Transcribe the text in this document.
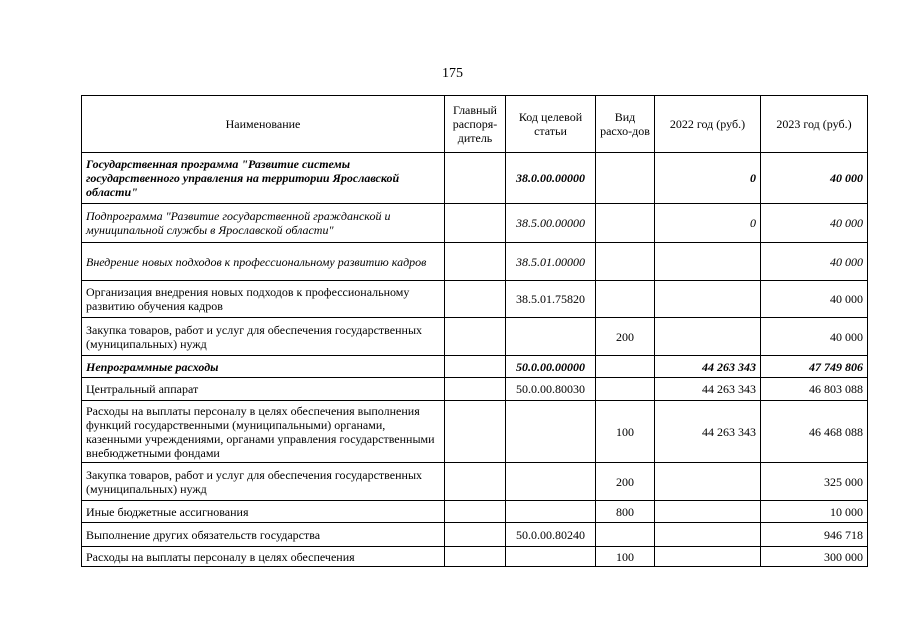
175
Наименование	Главный распоря-дитель	Код целевой статьи	Вид расхо-дов	2022 год (руб.)	2023 год (руб.)
Государственная программа "Развитие системы государственного управления на территории Ярославской области"		38.0.00.00000		0	40 000
Подпрограмма "Развитие государственной гражданской и муниципальной службы в Ярославской области"		38.5.00.00000		0	40 000
Внедрение новых подходов к профессиональному развитию кадров		38.5.01.00000			40 000
Организация внедрения новых подходов к профессиональному развитию обучения кадров		38.5.01.75820			40 000
Закупка товаров, работ и услуг для обеспечения государственных (муниципальных) нужд			200		40 000
Непрограммные расходы		50.0.00.00000		44 263 343	47 749 806
Центральный аппарат		50.0.00.80030		44 263 343	46 803 088
Расходы на выплаты персоналу в целях обеспечения выполнения функций государственными (муниципальными) органами, казенными учреждениями, органами управления государственными внебюджетными фондами			100	44 263 343	46 468 088
Закупка товаров, работ и услуг для обеспечения государственных (муниципальных) нужд			200		325 000
Иные бюджетные ассигнования			800		10 000
Выполнение других обязательств государства		50.0.00.80240			946 718
Расходы на выплаты персоналу в целях обеспечения			100		300 000
